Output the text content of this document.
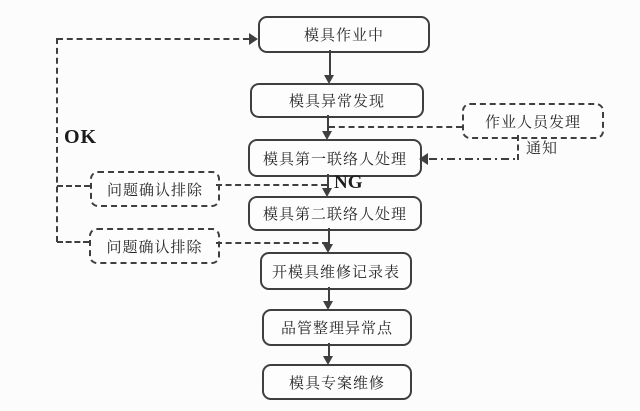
模具作业中
模具异常发现
模具第一联络人处理
模具第二联络人处理
开模具维修记录表
品管整理异常点
模具专案维修
作业人员发理
问题确认排除
问题确认排除
OK
NG
通知
